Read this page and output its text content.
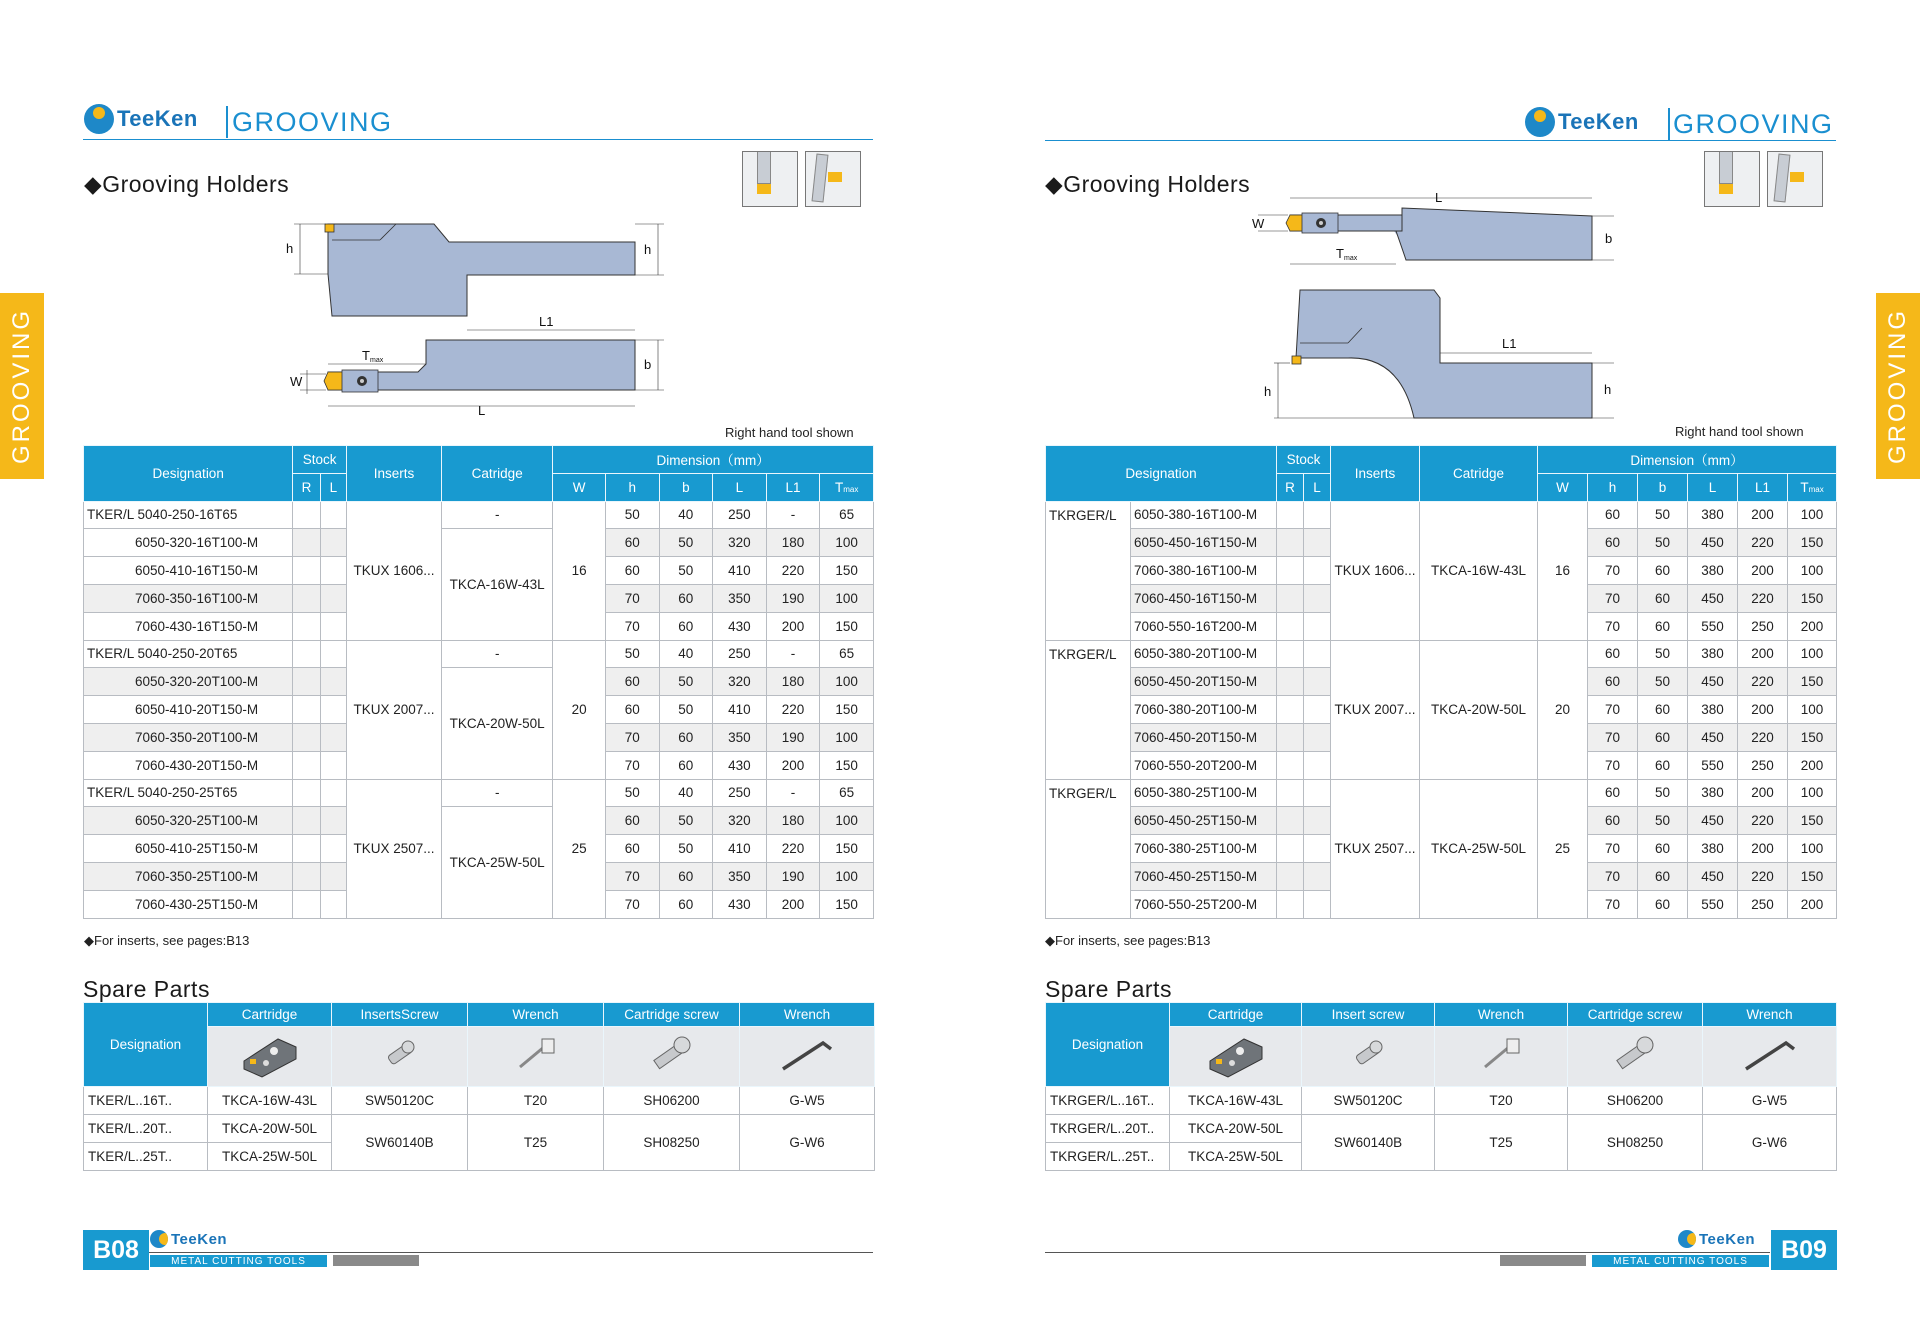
TeeKen GROOVING
GROOVING
◆Grooving Holders
h	h
L1
T max
W
b
L
Right hand tool shown
Designation	Stock		Inserts	Catridge	Dimension（mm）					
	R	L			W	h	b	L	L1	Tmax
TKER/L 5040-250-16T65			TKUX 1606...	-	16	50	40	250	-	65
6050-320-16T100-M				TKCA-16W-43L		60	50	320	180	100
6050-410-16T150-M						60	50	410	220	150
7060-350-16T100-M						70	60	350	190	100
7060-430-16T150-M						70	60	430	200	150
TKER/L 5040-250-20T65			TKUX 2007...	-	20	50	40	250	-	65
6050-320-20T100-M				TKCA-20W-50L		60	50	320	180	100
6050-410-20T150-M						60	50	410	220	150
7060-350-20T100-M						70	60	350	190	100
7060-430-20T150-M						70	60	430	200	150
TKER/L 5040-250-25T65			TKUX 2507...	-	25	50	40	250	-	65
6050-320-25T100-M				TKCA-25W-50L		60	50	320	180	100
6050-410-25T150-M						60	50	410	220	150
7060-350-25T100-M						70	60	350	190	100
7060-430-25T150-M						70	60	430	200	150
◆For inserts, see pages:B13
Spare Parts
Designation	Cartridge	InsertsScrew	Wrench	Cartridge screw	Wrench

TKER/L..16T..	TKCA-16W-43L	SW50120C	T20	SH06200	G-W5
TKER/L..20T..	TKCA-20W-50L	SW60140B	T25	SH08250	G-W6
TKER/L..25T..	TKCA-25W-50L				
B08	TeeKen
METAL CUTTING TOOLS
TeeKen GROOVING
GROOVING
◆Grooving Holders
L
W
T max
b
L1
h	h
Right hand tool shown
Designation		Stock		Inserts	Catridge	Dimension（mm）					
		R	L			W	h	b	L	L1	Tmax
TKRGER/L	6050-380-16T100-M			TKUX 1606...	TKCA-16W-43L	16	60	50	380	200	100
	6050-450-16T150-M						60	50	450	220	150
	7060-380-16T100-M						70	60	380	200	100
	7060-450-16T150-M						70	60	450	220	150
	7060-550-16T200-M						70	60	550	250	200
TKRGER/L	6050-380-20T100-M			TKUX 2007...	TKCA-20W-50L	20	60	50	380	200	100
	6050-450-20T150-M						60	50	450	220	150
	7060-380-20T100-M						70	60	380	200	100
	7060-450-20T150-M						70	60	450	220	150
	7060-550-20T200-M						70	60	550	250	200
TKRGER/L	6050-380-25T100-M			TKUX 2507...	TKCA-25W-50L	25	60	50	380	200	100
	6050-450-25T150-M						60	50	450	220	150
	7060-380-25T100-M						70	60	380	200	100
	7060-450-25T150-M						70	60	450	220	150
	7060-550-25T200-M						70	60	550	250	200
◆For inserts, see pages:B13
Spare Parts
Designation	Cartridge	Insert screw	Wrench	Cartridge screw	Wrench

TKRGER/L..16T..	TKCA-16W-43L	SW50120C	T20	SH06200	G-W5
TKRGER/L..20T..	TKCA-20W-50L	SW60140B	T25	SH08250	G-W6
TKRGER/L..25T..	TKCA-25W-50L				
TeeKen
METAL CUTTING TOOLS	B09
